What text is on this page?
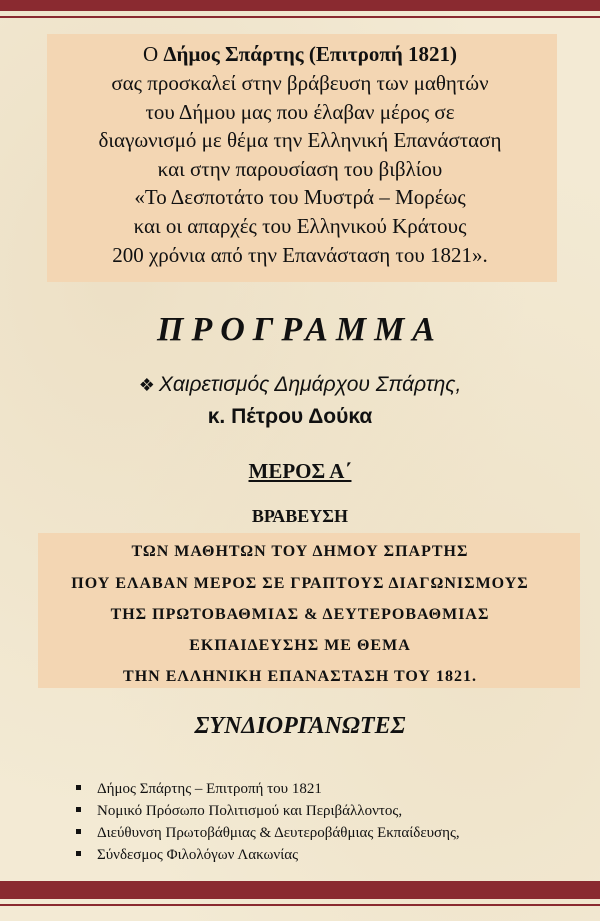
Ο Δήμος Σπάρτης (Επιτροπή 1821)
σας προσκαλεί στην βράβευση των μαθητών
του Δήμου μας που έλαβαν μέρος σε
διαγωνισμό με θέμα την Ελληνική Επανάσταση
και στην παρουσίαση του βιβλίου
«Το Δεσποτάτο του Μυστρά – Μορέως
και οι απαρχές του Ελληνικού Κράτους
200 χρόνια από την Επανάσταση του 1821».
ΠΡΟΓΡΑΜΜΑ
❖ Χαιρετισμός Δημάρχου Σπάρτης,
κ. Πέτρου Δούκα
ΜΕΡΟΣ Α΄
ΒΡΑΒΕΥΣΗ
ΤΩΝ ΜΑΘΗΤΩΝ ΤΟΥ ΔΗΜΟΥ ΣΠΑΡΤΗΣ
ΠΟΥ ΕΛΑΒΑΝ ΜΕΡΟΣ ΣΕ ΓΡΑΠΤΟΥΣ ΔΙΑΓΩΝΙΣΜΟΥΣ
ΤΗΣ ΠΡΩΤΟΒΑΘΜΙΑΣ & ΔΕΥΤΕΡΟΒΑΘΜΙΑΣ
ΕΚΠΑΙΔΕΥΣΗΣ ΜΕ ΘΕΜΑ
ΤΗΝ ΕΛΛΗΝΙΚΗ ΕΠΑΝΑΣΤΑΣΗ ΤΟΥ 1821.
ΣΥΝΔΙΟΡΓΑΝΩΤΕΣ
Δήμος Σπάρτης – Επιτροπή του 1821
Νομικό Πρόσωπο Πολιτισμού και Περιβάλλοντος,
Διεύθυνση Πρωτοβάθμιας & Δευτεροβάθμιας Εκπαίδευσης,
Σύνδεσμος Φιλολόγων Λακωνίας
